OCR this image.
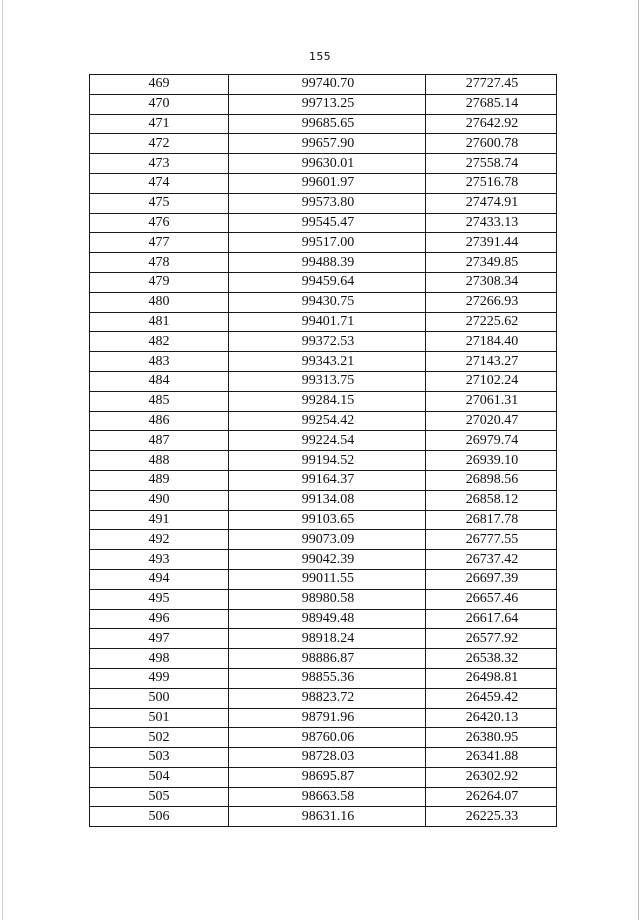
155
469	99740.70	27727.45
470	99713.25	27685.14
471	99685.65	27642.92
472	99657.90	27600.78
473	99630.01	27558.74
474	99601.97	27516.78
475	99573.80	27474.91
476	99545.47	27433.13
477	99517.00	27391.44
478	99488.39	27349.85
479	99459.64	27308.34
480	99430.75	27266.93
481	99401.71	27225.62
482	99372.53	27184.40
483	99343.21	27143.27
484	99313.75	27102.24
485	99284.15	27061.31
486	99254.42	27020.47
487	99224.54	26979.74
488	99194.52	26939.10
489	99164.37	26898.56
490	99134.08	26858.12
491	99103.65	26817.78
492	99073.09	26777.55
493	99042.39	26737.42
494	99011.55	26697.39
495	98980.58	26657.46
496	98949.48	26617.64
497	98918.24	26577.92
498	98886.87	26538.32
499	98855.36	26498.81
500	98823.72	26459.42
501	98791.96	26420.13
502	98760.06	26380.95
503	98728.03	26341.88
504	98695.87	26302.92
505	98663.58	26264.07
506	98631.16	26225.33
